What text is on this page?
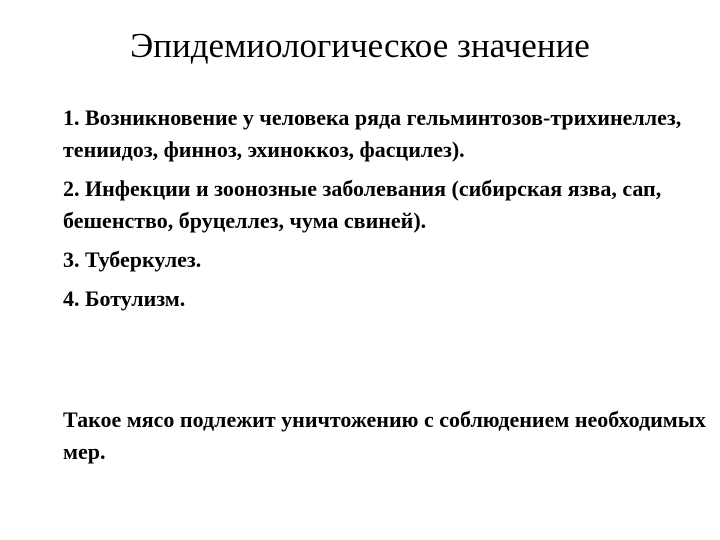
Эпидемиологическое значение
1. Возникновение у человека ряда гельминтозов-трихинеллез, тениидоз, финноз, эхиноккоз, фасцилез).
2. Инфекции и зоонозные заболевания (сибирская язва, сап, бешенство, бруцеллез, чума свиней).
3. Туберкулез.
4. Ботулизм.

Такое мясо подлежит уничтожению с соблюдением необходимых мер.
